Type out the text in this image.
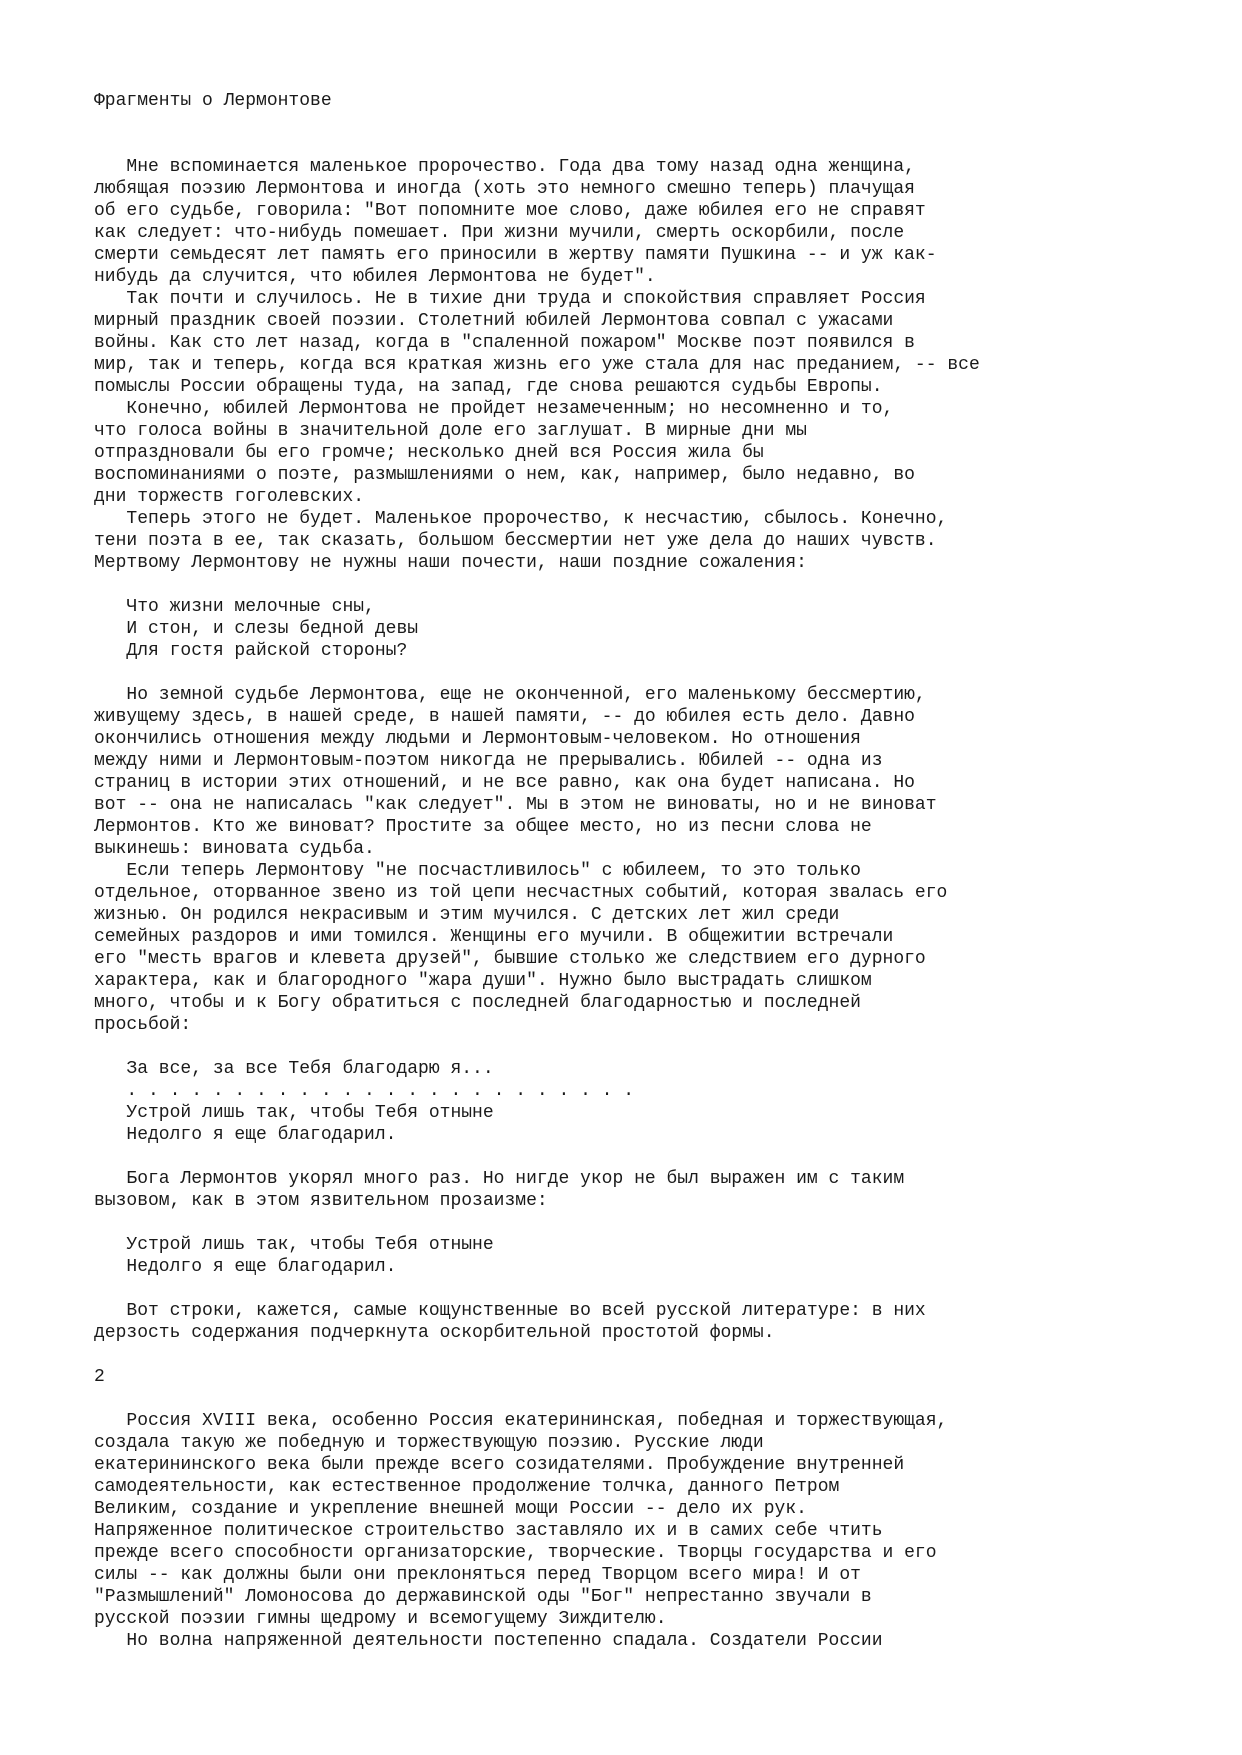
Фрагменты о Лермонтове
Мне вспоминается маленькое пророчество. Года два тому назад одна женщина,
любящая поэзию Лермонтова и иногда (хоть это немного смешно теперь) плачущая
об его судьбе, говорила: "Вот попомните мое слово, даже юбилея его не справят
как следует: что-нибудь помешает. При жизни мучили, смерть оскорбили, после
смерти семьдесят лет память его приносили в жертву памяти Пушкина -- и уж как-
нибудь да случится, что юбилея Лермонтова не будет".
Так почти и случилось. Не в тихие дни труда и спокойствия справляет Россия
мирный праздник своей поэзии. Столетний юбилей Лермонтова совпал с ужасами
войны. Как сто лет назад, когда в "спаленной пожаром" Москве поэт появился в
мир, так и теперь, когда вся краткая жизнь его уже стала для нас преданием, -- все
помыслы России обращены туда, на запад, где снова решаются судьбы Европы.
Конечно, юбилей Лермонтова не пройдет незамеченным; но несомненно и то,
что голоса войны в значительной доле его заглушат. В мирные дни мы
отпраздновали бы его громче; несколько дней вся Россия жила бы
воспоминаниями о поэте, размышлениями о нем, как, например, было недавно, во
дни торжеств гоголевских.
Теперь этого не будет. Маленькое пророчество, к несчастию, сбылось. Конечно,
тени поэта в ее, так сказать, большом бессмертии нет уже дела до наших чувств.
Мертвому Лермонтову не нужны наши почести, наши поздние сожаления:
Что жизни мелочные сны,
И стон, и слезы бедной девы
Для гостя райской стороны?
Но земной судьбе Лермонтова, еще не оконченной, его маленькому бессмертию,
живущему здесь, в нашей среде, в нашей памяти, -- до юбилея есть дело. Давно
окончились отношения между людьми и Лермонтовым-человеком. Но отношения
между ними и Лермонтовым-поэтом никогда не прерывались. Юбилей -- одна из
страниц в истории этих отношений, и не все равно, как она будет написана. Но
вот -- она не написалась "как следует". Мы в этом не виноваты, но и не виноват
Лермонтов. Кто же виноват? Простите за общее место, но из песни слова не
выкинешь: виновата судьба.
Если теперь Лермонтову "не посчастливилось" с юбилеем, то это только
отдельное, оторванное звено из той цепи несчастных событий, которая звалась его
жизнью. Он родился некрасивым и этим мучился. С детских лет жил среди
семейных раздоров и ими томился. Женщины его мучили. В общежитии встречали
его "месть врагов и клевета друзей", бывшие столько же следствием его дурного
характера, как и благородного "жара души". Нужно было выстрадать слишком
много, чтобы и к Богу обратиться с последней благодарностью и последней
просьбой:
За все, за все Тебя благодарю я...
. . . . . . . . . . . . . . . . . . . . . . . .
Устрой лишь так, чтобы Тебя отныне
Недолго я еще благодарил.
Бога Лермонтов укорял много раз. Но нигде укор не был выражен им с таким
вызовом, как в этом язвительном прозаизме:
Устрой лишь так, чтобы Тебя отныне
Недолго я еще благодарил.
Вот строки, кажется, самые кощунственные во всей русской литературе: в них
дерзость содержания подчеркнута оскорбительной простотой формы.
2
Россия XVIII века, особенно Россия екатерининская, победная и торжествующая,
создала такую же победную и торжествующую поэзию. Русские люди
екатерининского века были прежде всего созидателями. Пробуждение внутренней
самодеятельности, как естественное продолжение толчка, данного Петром
Великим, создание и укрепление внешней мощи России -- дело их рук.
Напряженное политическое строительство заставляло их и в самих себе чтить
прежде всего способности организаторские, творческие. Творцы государства и его
силы -- как должны были они преклоняться перед Творцом всего мира! И от
"Размышлений" Ломоносова до державинской оды "Бог" непрестанно звучали в
русской поэзии гимны щедрому и всемогущему Зиждителю.
Но волна напряженной деятельности постепенно спадала. Создатели России
